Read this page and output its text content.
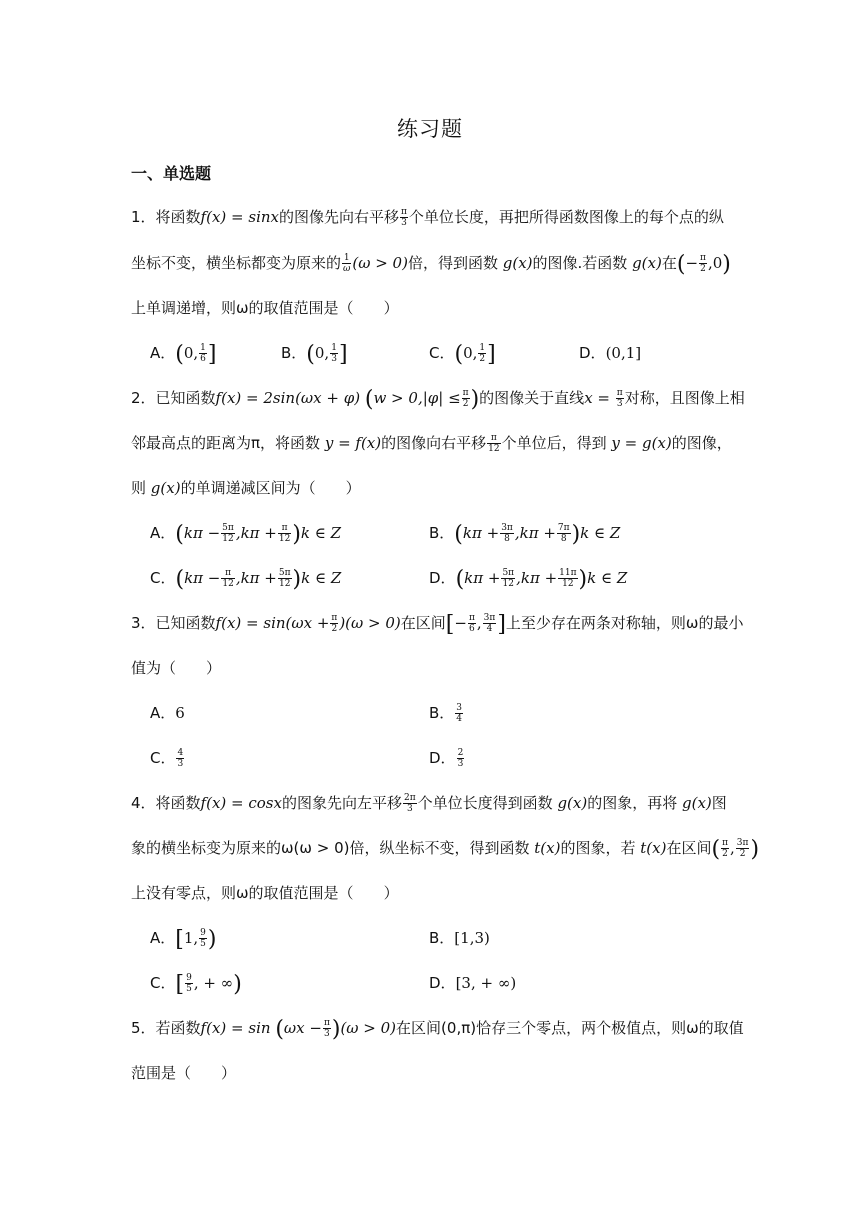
练习题
一、单选题
1．将函数f(x) = sinx的图像先向右平移 $\frac{\pi}{3}$ 个单位长度，再把所得函数图像上的每个点的纵
坐标不变，横坐标都变为原来的 $\frac{1}{\omega} (\omega > 0)$倍，得到函数 g(x)的图像.若函数 g(x)在(− $\frac{\pi}{2} ,0$)
上单调递增，则ω的取值范围是（　　）
A．(0, $\frac{1}{6}$ ]	B．(0, $\frac{1}{3}$ ]	C．(0, $\frac{1}{2}$ ]	D．(0,1]
2．已知函数f(x) = 2sin(ωx + φ) ($w > 0,|\varphi| \le \frac{\pi}{2}$ )的图像关于直线$x = \frac{\pi}{3}$ 对称，且图像上相
邻最高点的距离为π，将函数 y = f(x)的图像向右平移 $\frac{\pi}{12}$ 个单位后，得到 y = g(x)的图像，
则 g(x)的单调递减区间为（　　）
A．$(k\pi - \frac{5\pi}{12} ,k\pi + \frac{\pi}{12} )k$ ∈ Z	B．$(k\pi + \frac{3\pi}{8} ,k\pi + \frac{7\pi}{8} )k$ ∈ Z
C．$(k\pi - \frac{\pi}{12} ,k\pi + \frac{5\pi}{12} )k$ ∈ Z	D．$(k\pi + \frac{5\pi}{12} ,k\pi + \frac{11\pi}{12} )k$ ∈ Z
3．已知函数$f(x) = \sin(\omega x + \frac{\pi}{2} )(\omega > 0)$在区间[− $\frac{\pi}{6}$ , $\frac{3\pi}{4}$ ]上至少存在两条对称轴，则ω的最小
值为（　　）
A．6	B． $\frac{3}{4}$
C． $\frac{4}{3}$	D． $\frac{2}{3}$
4．将函数f(x) = cosx的图象先向左平移 $\frac{2\pi}{3}$ 个单位长度得到函数 g(x)的图象，再将 g(x)图
象的横坐标变为原来的ω(ω > 0)倍，纵坐标不变，得到函数 t(x)的图象，若 t(x)在区间( $\frac{\pi}{2}$ , $\frac{3\pi}{2}$ )
上没有零点，则ω的取值范围是（　　）
A．[1, $\frac{9}{5}$ )	B．[1,3)
C．[ $\frac{9}{5}$ , + ∞)	D．[3, + ∞)
5．若函数$f(x) = \sin (\omega x - \frac{\pi}{3} )(\omega > 0)$在区间(0,π)恰存三个零点，两个极值点，则ω的取值
范围是（　　）
